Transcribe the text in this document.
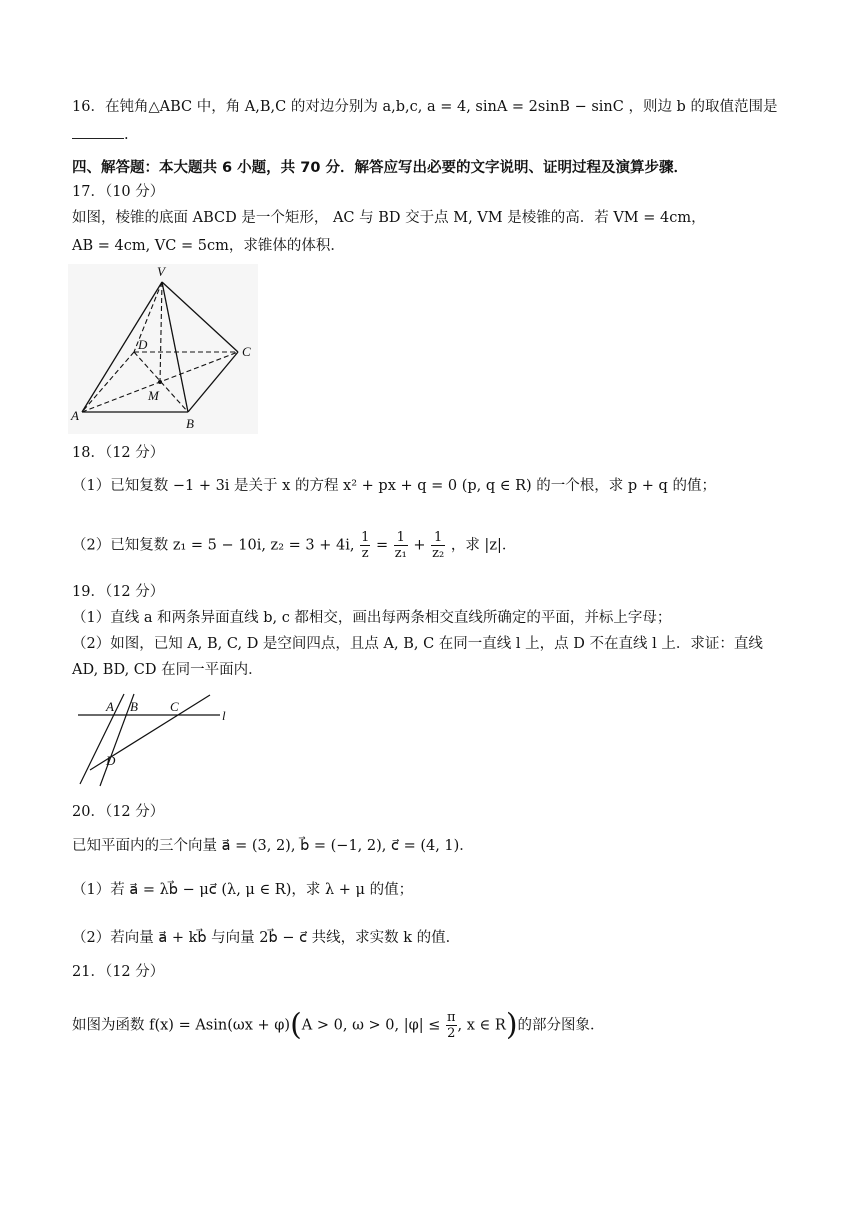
16．在钝角△ABC 中，角 A,B,C 的对边分别为 a,b,c, a = 4, sinA = 2sinB − sinC ，则边 b 的取值范围是
.
四、解答题：本大题共 6 小题，共 70 分．解答应写出必要的文字说明、证明过程及演算步骤．
17．（10 分）
如图，棱锥的底面 ABCD 是一个矩形， AC 与 BD 交于点 M, VM 是棱锥的高．若 VM = 4cm，
AB = 4cm, VC = 5cm，求锥体的体积．
V
D	C
M
A
B
18．（12 分）
（1）已知复数 −1 + 3i 是关于 x 的方程 x² + px + q = 0 (p, q ∈ R) 的一个根，求 p + q 的值；
（2）已知复数 z₁ = 5 − 10i, z₂ = 3 + 4i, $\frac{1}{z} = \frac{1}{\text{z₁}} + \frac{1}{\text{z₂}}$ ，求 |z|．
19．（12 分）
（1）直线 a 和两条异面直线 b, c 都相交，画出每两条相交直线所确定的平面，并标上字母；
（2）如图，已知 A, B, C, D 是空间四点，且点 A, B, C 在同一直线 l 上，点 D 不在直线 l 上．求证：直线
AD, BD, CD 在同一平面内．
A B C
l
D
20．（12 分）
已知平面内的三个向量 a⃗ = (3, 2), b⃗ = (−1, 2), c⃗ = (4, 1)．
（1）若 a⃗ = λb⃗ − μc⃗ (λ, μ ∈ R)，求 λ + μ 的值；
（2）若向量 a⃗ + kb⃗ 与向量 2b⃗ − c⃗ 共线，求实数 k 的值．
21．（12 分）
如图为函数 f(x) = Asin(ωx + φ)(A > 0, ω > 0, $|\varphi| \le \frac{\pi}{2}$ , x ∈ R)的部分图象．
